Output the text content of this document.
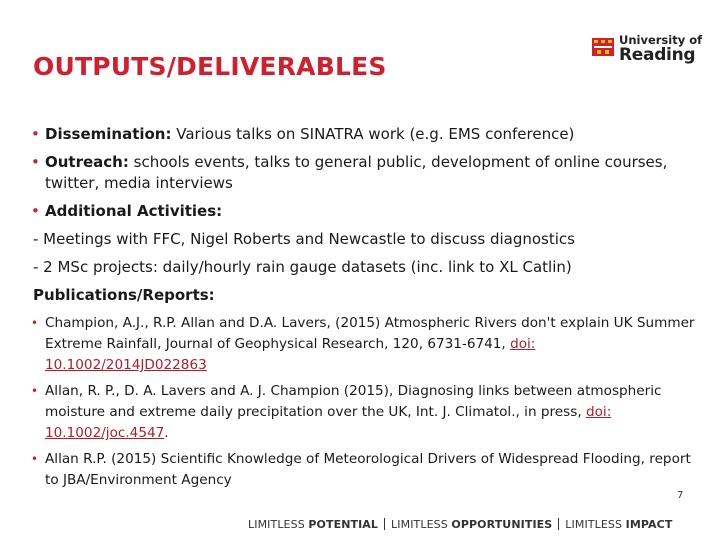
OUTPUTS/DELIVERABLES
University of
Reading
• Dissemination: Various talks on SINATRA work (e.g. EMS conference)
• Outreach: schools events, talks to general public, development of online courses, twitter, media interviews
• Additional Activities:
- Meetings with FFC, Nigel Roberts and Newcastle to discuss diagnostics
- 2 MSc projects: daily/hourly rain gauge datasets (inc. link to XL Catlin)
Publications/Reports:
• Champion, A.J., R.P. Allan and D.A. Lavers, (2015) Atmospheric Rivers don't explain UK Summer Extreme Rainfall, Journal of Geophysical Research, 120, 6731-6741, doi: 10.1002/2014JD022863
• Allan, R. P., D. A. Lavers and A. J. Champion (2015), Diagnosing links between atmospheric moisture and extreme daily precipitation over the UK, Int. J. Climatol., in press, doi: 10.1002/joc.4547.
• Allan R.P. (2015) Scientific Knowledge of Meteorological Drivers of Widespread Flooding, report to JBA/Environment Agency
7
LIMITLESS POTENTIAL LIMITLESS OPPORTUNITIES LIMITLESS IMPACT
